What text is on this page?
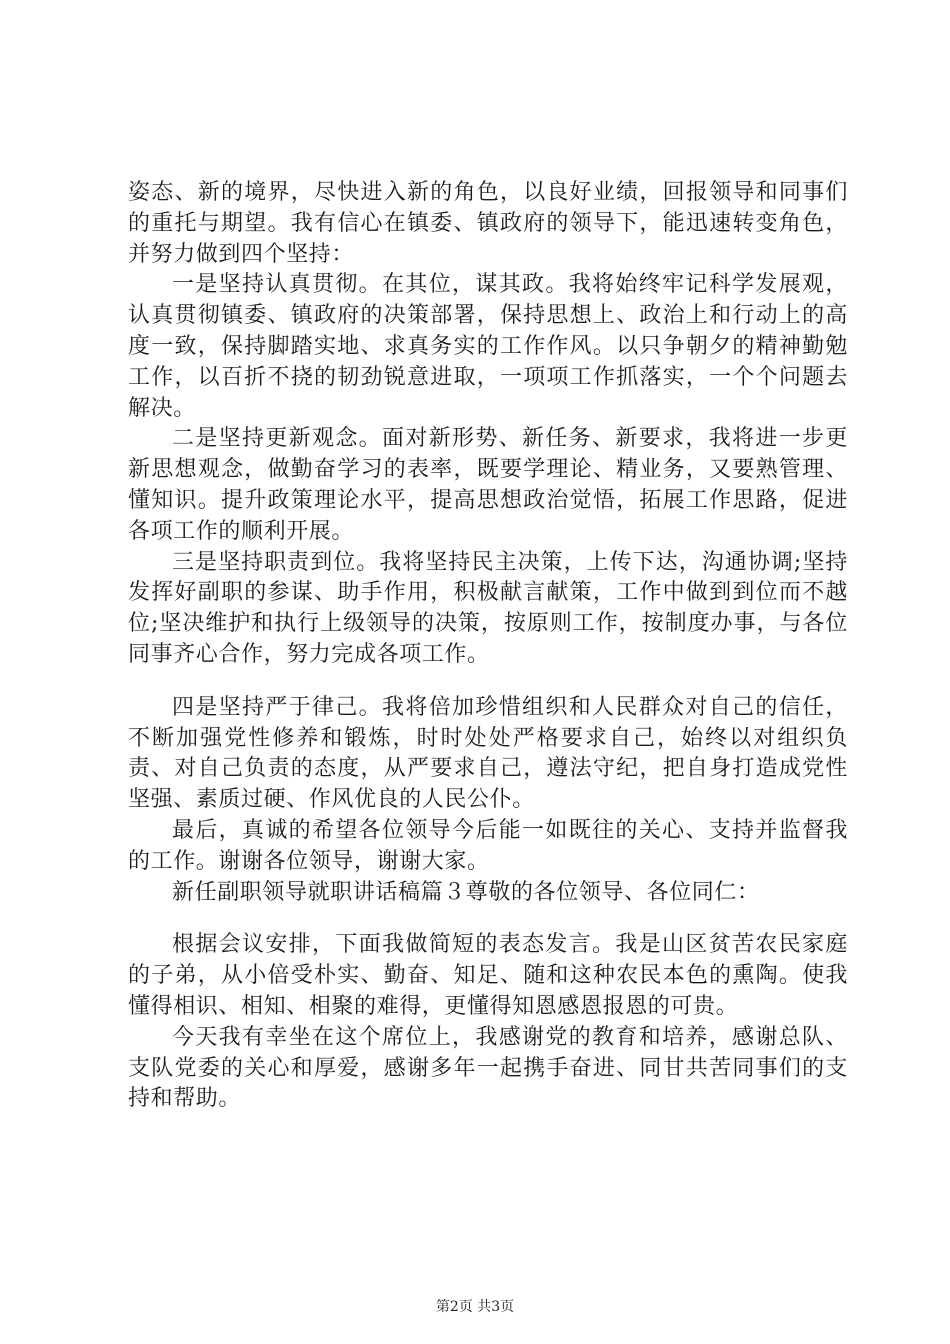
姿态、新的境界，尽快进入新的角色，以良好业绩，回报领导和同事们的重托与期望。我有信心在镇委、镇政府的领导下，能迅速转变角色，并努力做到四个坚持：

一是坚持认真贯彻。在其位，谋其政。我将始终牢记科学发展观，认真贯彻镇委、镇政府的决策部署，保持思想上、政治上和行动上的高度一致，保持脚踏实地、求真务实的工作作风。以只争朝夕的精神勤勉工作，以百折不挠的韧劲锐意进取，一项项工作抓落实，一个个问题去解决。

二是坚持更新观念。面对新形势、新任务、新要求，我将进一步更新思想观念，做勤奋学习的表率，既要学理论、精业务，又要熟管理、懂知识。提升政策理论水平，提高思想政治觉悟，拓展工作思路，促进各项工作的顺利开展。

三是坚持职责到位。我将坚持民主决策，上传下达，沟通协调;坚持发挥好副职的参谋、助手作用，积极献言献策，工作中做到到位而不越位;坚决维护和执行上级领导的决策，按原则工作，按制度办事，与各位同事齐心合作，努力完成各项工作。

四是坚持严于律己。我将倍加珍惜组织和人民群众对自己的信任，不断加强党性修养和锻炼，时时处处严格要求自己，始终以对组织负责、对自己负责的态度，从严要求自己，遵法守纪，把自身打造成党性坚强、素质过硬、作风优良的人民公仆。

最后，真诚的希望各位领导今后能一如既往的关心、支持并监督我的工作。谢谢各位领导，谢谢大家。

新任副职领导就职讲话稿篇３尊敬的各位领导、各位同仁：

根据会议安排，下面我做简短的表态发言。我是山区贫苦农民家庭的子弟，从小倍受朴实、勤奋、知足、随和这种农民本色的熏陶。使我懂得相识、相知、相聚的难得，更懂得知恩感恩报恩的可贵。

今天我有幸坐在这个席位上，我感谢党的教育和培养，感谢总队、支队党委的关心和厚爱，感谢多年一起携手奋进、同甘共苦同事们的支持和帮助。

第2页 共3页
